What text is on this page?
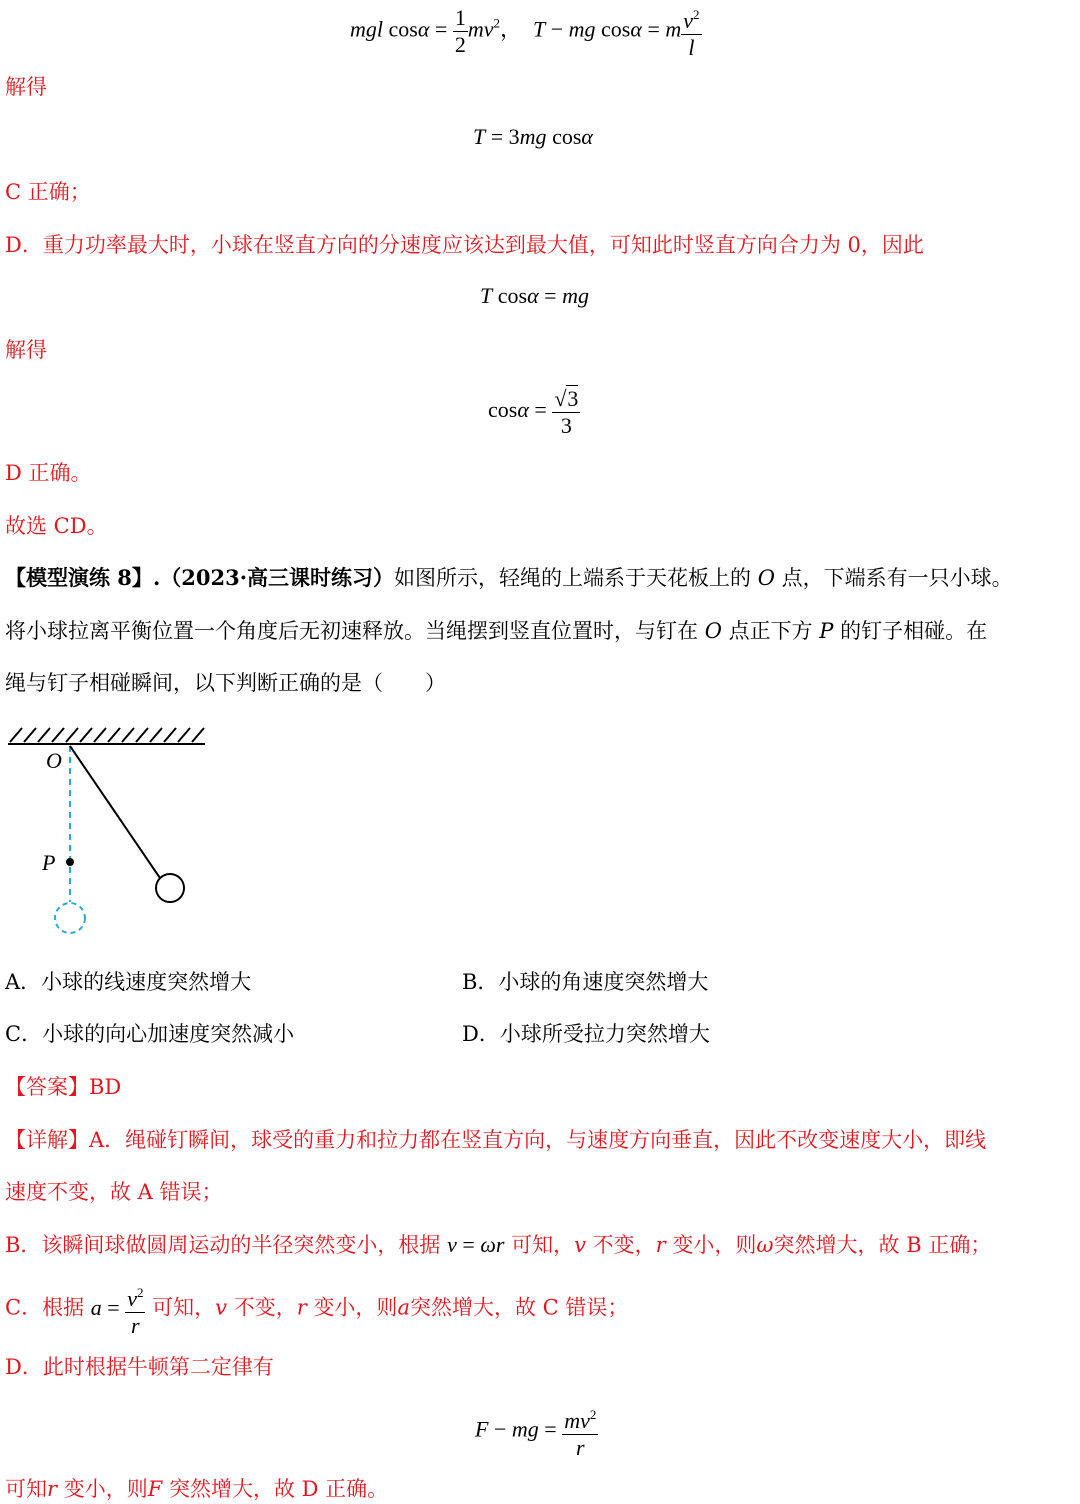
mgl $\cos\alpha = \frac{1}{2} mv^2$，  T − mg cosα = m $\frac{v^2}{l}$
解得
T = 3mg cosα
C 正确；
D．重力功率最大时，小球在竖直方向的分速度应该达到最大值，可知此时竖直方向合力为 0，因此
T cosα = mg
解得
$\cos\alpha = \frac{√3}{3}$
D 正确。
故选 CD。
【模型演练 8】.（2023·高三课时练习）如图所示，轻绳的上端系于天花板上的 O 点，下端系有一只小球。
将小球拉离平衡位置一个角度后无初速释放。当绳摆到竖直位置时，与钉在 O 点正下方 P 的钉子相碰。在
绳与钉子相碰瞬间，以下判断正确的是（　　）
O
P
A．小球的线速度突然增大	B．小球的角速度突然增大
C．小球的向心加速度突然减小	D．小球所受拉力突然增大
【答案】BD
【详解】A．绳碰钉瞬间，球受的重力和拉力都在竖直方向，与速度方向垂直，因此不改变速度大小，即线
速度不变，故 A 错误；
B．该瞬间球做圆周运动的半径突然变小，根据 v = ωr 可知，v 不变，r 变小，则ω突然增大，故 B 正确；
C．根据 $a = \frac{v^2}{r}$ 可知，v 不变，r 变小，则a突然增大，故 C 错误；
D．此时根据牛顿第二定律有
F − mg = $\frac{mv^2}{r}$
可知r 变小，则F 突然增大，故 D 正确。
